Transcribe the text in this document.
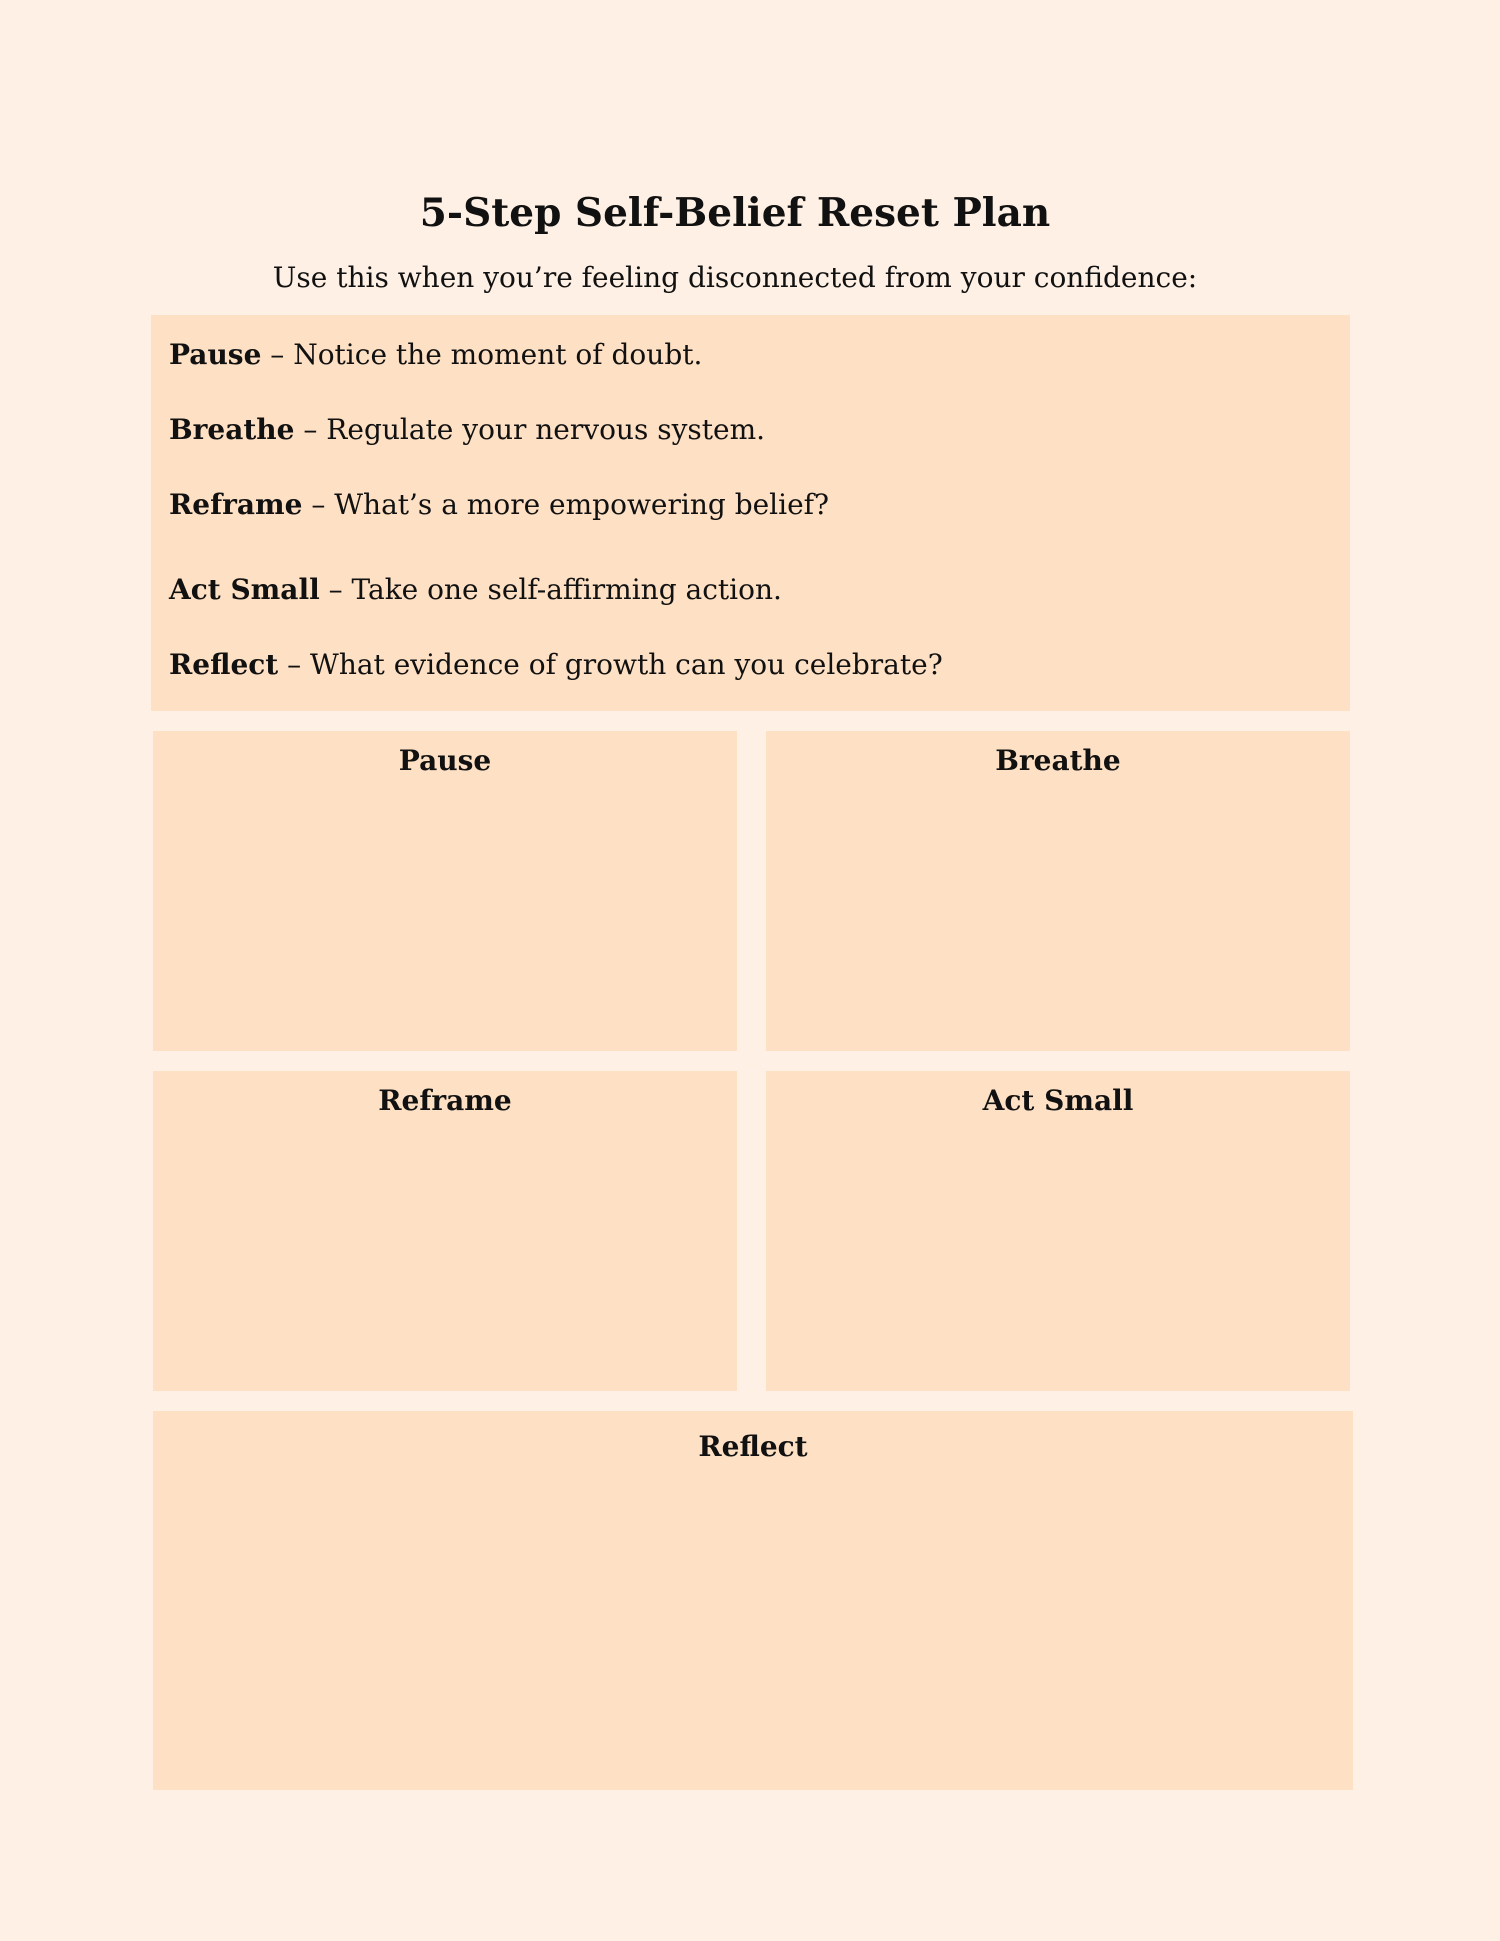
5-Step Self-Belief Reset Plan
Use this when you’re feeling disconnected from your confidence:
Pause – Notice the moment of doubt.
Breathe – Regulate your nervous system.
Reframe – What’s a more empowering belief?
Act Small – Take one self-affirming action.
Reflect – What evidence of growth can you celebrate?
Pause	Breathe
Reframe	Act Small
Reflect
